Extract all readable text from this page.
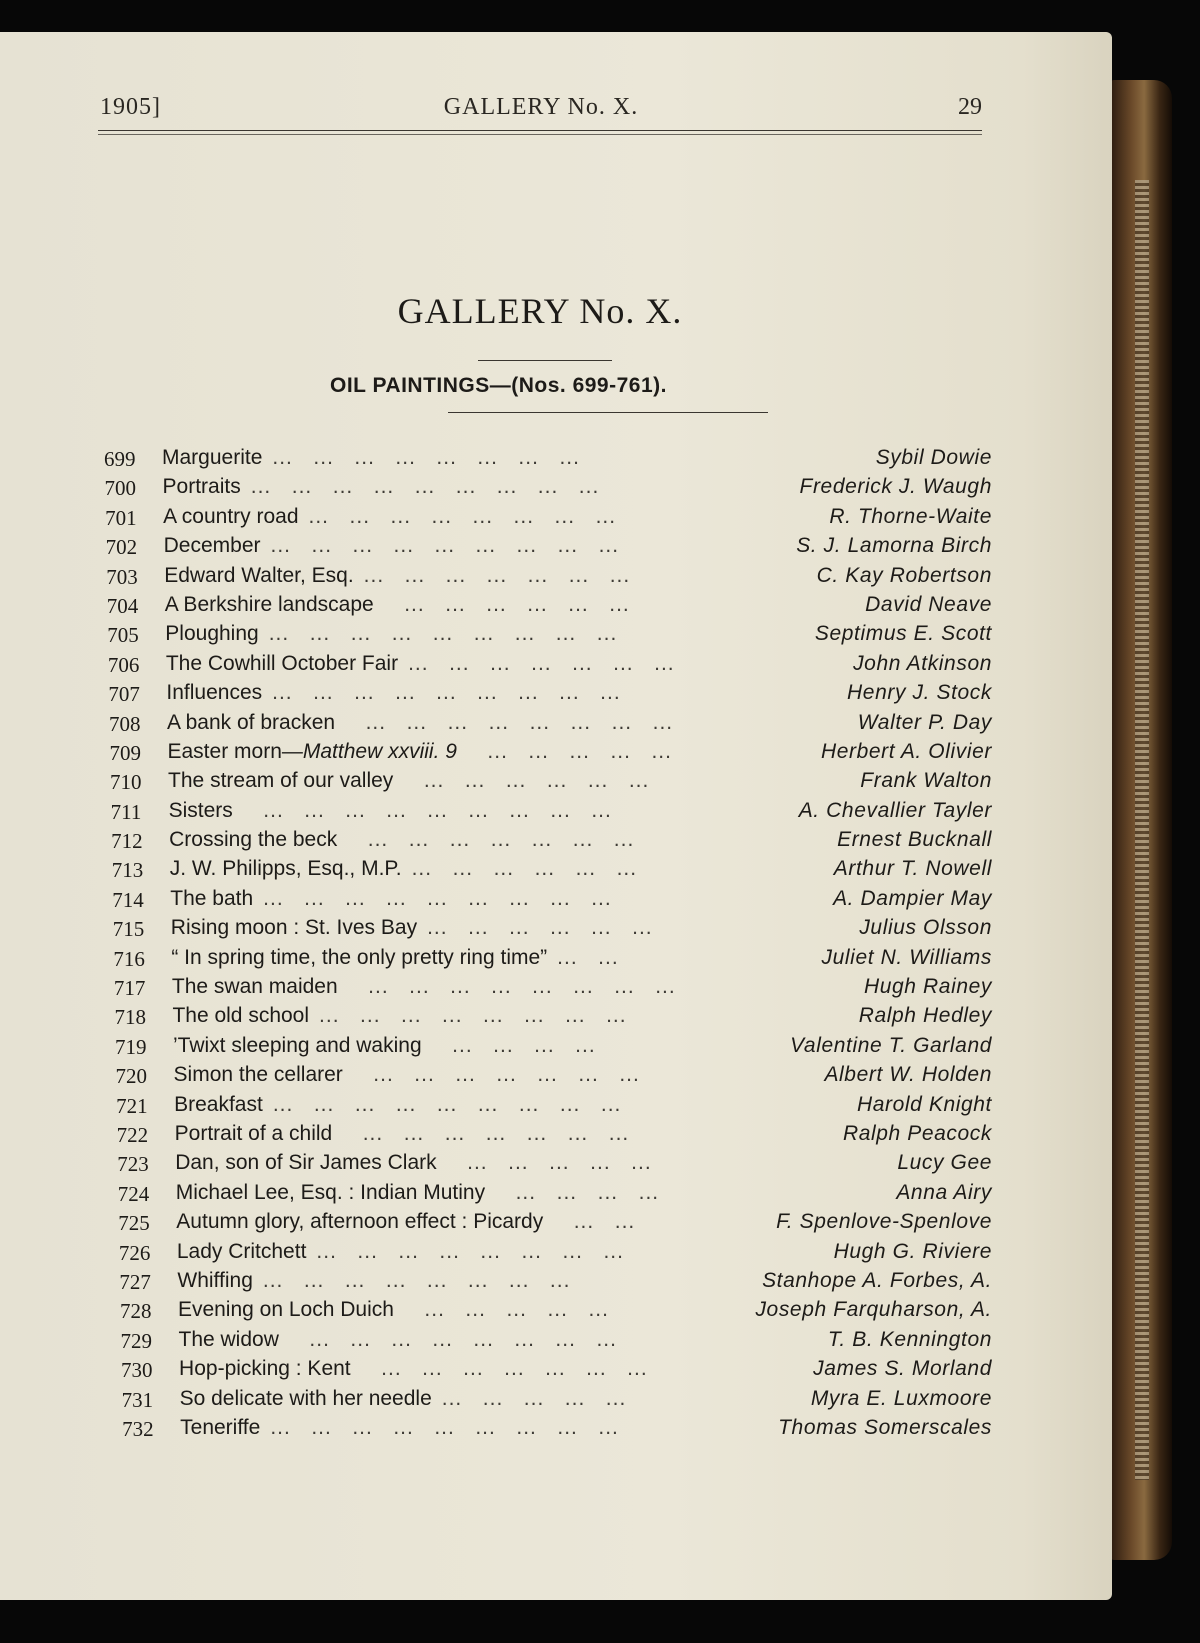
1905]	GALLERY No. X.	29
GALLERY No. X.
OIL PAINTINGS—(Nos. 699-761).
699 Marguerite ...   ...   ...   ...   ...   ...   ...   ...	Sybil Dowie
700 Portraits ...   ...   ...   ...   ...   ...   ...   ...   ...	Frederick J. Waugh
701 A country road ...   ...   ...   ...   ...   ...   ...   ...	R. Thorne-Waite
702 December ...   ...   ...   ...   ...   ...   ...   ...   ...	S. J. Lamorna Birch
703 Edward Walter, Esq. ...   ...   ...   ...   ...   ...   ...	C. Kay Robertson
704 A Berkshire landscape   ...   ...   ...   ...   ...   ...	David Neave
705 Ploughing ...   ...   ...   ...   ...   ...   ...   ...   ...	Septimus E. Scott
706 The Cowhill October Fair ...   ...   ...   ...   ...   ...   ...	John Atkinson
707 Influences ...   ...   ...   ...   ...   ...   ...   ...   ...	Henry J. Stock
708 A bank of bracken   ...   ...   ...   ...   ...   ...   ...   ...	Walter P. Day
709 Easter morn—Matthew xxviii. 9   ...   ...   ...   ...   ...	Herbert A. Olivier
710 The stream of our valley   ...   ...   ...   ...   ...   ...	Frank Walton
711 Sisters   ...   ...   ...   ...   ...   ...   ...   ...   ...	A. Chevallier Tayler
712 Crossing the beck   ...   ...   ...   ...   ...   ...   ...	Ernest Bucknall
713 J. W. Philipps, Esq., M.P. ...   ...   ...   ...   ...   ...	Arthur T. Nowell
714 The bath ...   ...   ...   ...   ...   ...   ...   ...   ...	A. Dampier May
715 Rising moon : St. Ives Bay ...   ...   ...   ...   ...   ...	Julius Olsson
716 “ In spring time, the only pretty ring time” ...   ...	Juliet N. Williams
717 The swan maiden   ...   ...   ...   ...   ...   ...   ...   ...	Hugh Rainey
718 The old school ...   ...   ...   ...   ...   ...   ...   ...	Ralph Hedley
719 ’Twixt sleeping and waking   ...   ...   ...   ...	Valentine T. Garland
720 Simon the cellarer   ...   ...   ...   ...   ...   ...   ...	Albert W. Holden
721 Breakfast ...   ...   ...   ...   ...   ...   ...   ...   ...	Harold Knight
722 Portrait of a child   ...   ...   ...   ...   ...   ...   ...	Ralph Peacock
723 Dan, son of Sir James Clark   ...   ...   ...   ...   ...	Lucy Gee
724 Michael Lee, Esq. : Indian Mutiny   ...   ...   ...   ...	Anna Airy
725 Autumn glory, afternoon effect : Picardy   ...   ...	F. Spenlove-Spenlove
726 Lady Critchett ...   ...   ...   ...   ...   ...   ...   ...	Hugh G. Riviere
727 Whiffing ...   ...   ...   ...   ...   ...   ...   ...	Stanhope A. Forbes, A.
728 Evening on Loch Duich   ...   ...   ...   ...   ...	Joseph Farquharson, A.
729 The widow   ...   ...   ...   ...   ...   ...   ...   ...	T. B. Kennington
730 Hop-picking : Kent   ...   ...   ...   ...   ...   ...   ...	James S. Morland
731 So delicate with her needle ...   ...   ...   ...   ...	Myra E. Luxmoore
732 Teneriffe ...   ...   ...   ...   ...   ...   ...   ...   ...	Thomas Somerscales
